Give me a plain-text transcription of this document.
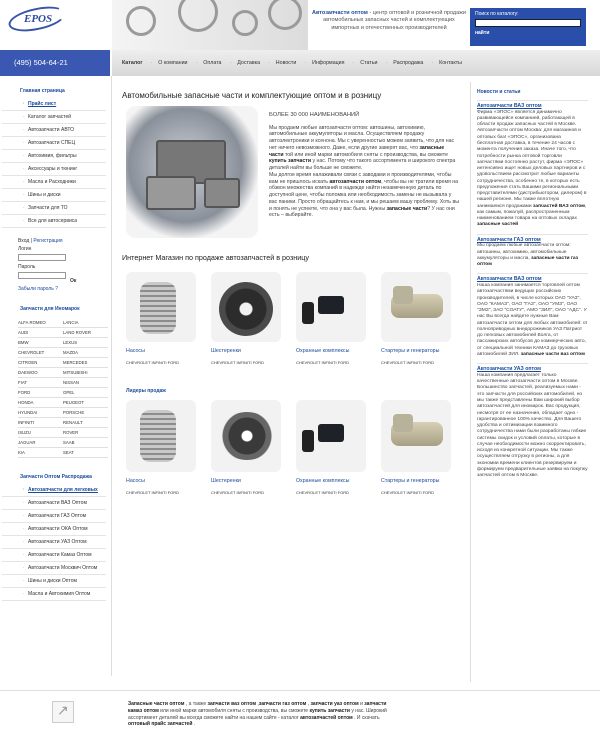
EPOS	Автозапчасти оптом - центр оптовой и розничной продажи автомобильных запасных частей и комплектующих импортных и отечественных производителей
Поиск по каталогу:
найти
(495) 504-64-21	Каталог · О компании · Оплата · Доставка · Новости · Информация · Статьи · Распродажа · Контакты
Главная страница
· Прайс лист
· Каталог запчастей
· Автозапчасти АВТО
· Автозапчасти СПЕЦ
· Автохимия, фильтры
· Аксессуары и тюнинг
· Масла и Расходники
· Шины и диски
· Запчасти для ТО
· Все для автосервиса
Вход | Регистрация
Логин
Пароль
Ок
Забыли пароль ?
Запчасти для Иномарок
ALFA ROMEO	LANCIA
AUDI	LAND ROVER
BMW	LEXUS
CHEVROLET	MAZDA
CITROEN	MERCEDES
DAEWOO	MITSUBISHI
FIAT	NISSAN
FORD	OPEL
HONDA	PEUGEOT
HYUNDAI	PORSCHE
INFINITI	RENAULT
ISUZU	ROVER
JAGUAR	SAAB
KIA	SEAT
Запчасти Оптом Распродажа
· Автозапчасти для легковых
· Автозапчасти ВАЗ Оптом
· Автозапчасти ГАЗ Оптом
· Автозапчасти ОКА Оптом
· Автозапчасти УАЗ Оптом
· Автозапчасти Камаз Оптом
· Автозапчасти Москвич Оптом
· Шины и диски Оптом
· Масла и Автохимия Оптом
Автомобильные запасные части и комплектующие оптом и в розницу
БОЛЕЕ 30 000 НАИМЕНОВАНИЙ

Мы продаем любые автозапчасти оптом: автошины, автохимию, автомобильные аккумуляторы и масла. Осуществляем продажу автоэлектроники и ксенона. Мы с уверенностью можем заявить, что для нас нет ничего невозможного. Даже, если другие заверят вас, что запасные части той или иной марки автомобиля сняты с производства, вы сможете купить запчасти у нас. Потому что такого ассортимента и широкого спектра деталей найти вы больше не сможете.

Мы долгое время налаживали связи с заводами и производителями, чтобы вам не пришлось искать автозапчасти оптом, чтобы вы не тратили время на обзвон множества компаний в надежде найти незамеченную деталь по доступной цене, чтобы поломка или необходимость замены не вызывала у вас паники. Просто обращайтесь к нам, и мы решаем вашу проблему. Хоть вы и понять не успеете, что она у вас была. Нужны запасные части? У нас они есть – выбирайте.

Интернет Магазин по продаже автозапчастей в розницу
Насосы
CHEVROLET INFINITI FORD
Шестеренки
CHEVROLET INFINITI FORD
Охранные комплексы
CHEVROLET INFINITI FORD
Стартеры и генераторы
CHEVROLET INFINITI FORD
Лидеры продаж
Насосы
CHEVROLET INFINITI FORD
Шестеренки
CHEVROLET INFINITI FORD
Охранные комплексы
CHEVROLET INFINITI FORD
Стартеры и генераторы
CHEVROLET INFINITI FORD
Новости и статьи
Автозапчасти ВАЗ оптом
Фирма «ЭПОС» является динамично развивающейся компанией, работающей в области продаж запасных частей в Москве. Автозапчасти оптом Москва: для магазинов и оптовых баз! «ЭПОС», организована бесплатная доставка, в течение 24 часов с момента получения заказа. Иначе того, что потребности рынка оптовой торговли запчастями постоянно растут, фирма «ЭПОС» интенсивно ищет новых деловых партнеров и с удовольствием рассмотрит любые варианты сотрудничества, особенно те, в которых есть предложения стать Вашими региональными представителями (дистрибьютором, дилером) в нашей регионе. Мы также вплотную занимаемся продажами запчастей ВАЗ оптом, как самым, пожалуй, распространенным наименованием товара на оптовых складах запасные частей
Автозапчасти ГАЗ оптом
Мы продаем любые автозапчасти оптом: автошины, автохимию, автомобильные аккумуляторы и масла, запасные части газ оптом
Автозапчасти ВАЗ оптом
Наша компания занимается торговлей оптом автозапчастями ведущих российских производителей, в числе которых ОАО "УАЗ", ОАО "КАМАЗ", ОАО "ГАЗ", ОАО "УМЗ", ОАО "ЗМЗ", ЗАО "СОАТУ", АМО "ЗИЛ", ОАО "АДС". У нас Вы всегда найдете нужные Вам автозапчасти оптом для любых автомобилей: от полноприводных внедорожников УАЗ Патриот до легковых автомобилей Волга, от пассажирских автобусов до коммерческих авто, от специальной техники КАМАЗ до грузовых автомобилей ЗИЛ. запасные части ваз оптом
Автозапчасти УАЗ оптом
Наша компания предлагает только качественные автозапчасти оптом в Москве. Большинство запчастей, реализуемых нами - это запчасти для российских автомобилей, но мы также представлены Вам широкий выбор автозапчастей для иномарок. Вас продукция, несмотря от ее назначения, обладает одно - гарантированное 100% качество. Для Вашего удобства и оптимизации взаимного сотрудничества нами были разработаны гибкие системы скидок и условий оплаты, которые в случае необходимости можно скорректировать, исходя из конкретной ситуации. Мы также осуществляем отгрузку в регионы, а для экономии времени клиентов резервируем и формируем предварительные заявки на покупку запчастей оптом в Москве.
↗
Запасные части оптом , а также запчасти ваз оптом ,запчасти газ оптом , запчасти уаз оптом и запчасти камаз оптом или иной марки автомобиля сняты с производства, вы сможете купить запчасти у нас. Широкий ассортимент деталей вы всегда сможете найти на нашем сайте - каталог автозапчастей оптом . И скачать оптовый прайс запчастей .
